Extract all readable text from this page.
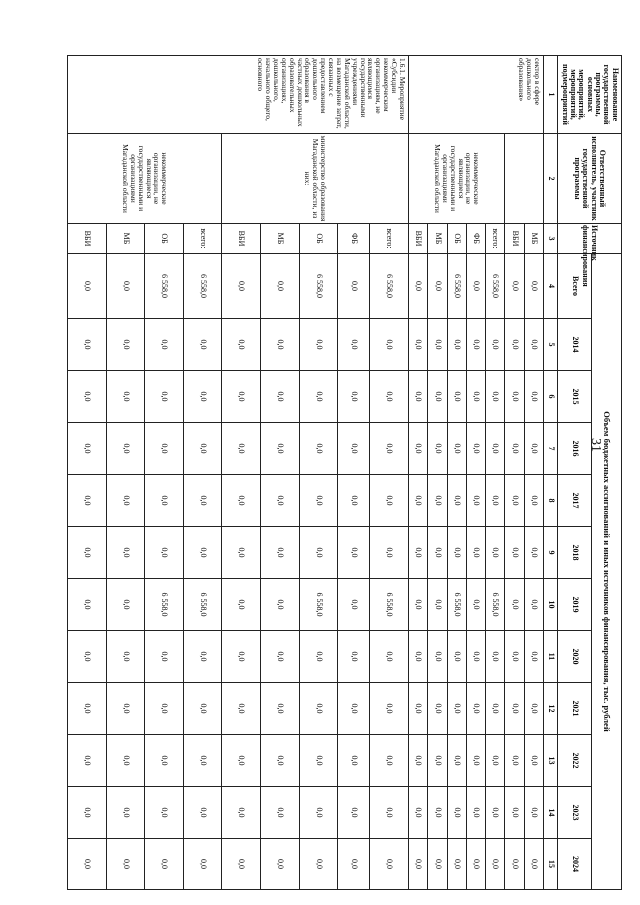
31
Наименование государственной программы, основных мероприятий, мероприятий, подмероприятий	Ответственный исполнитель, участник государственной программы	Источник финансирования	Объем бюджетных ассигнований и иных источников финансирования, тыс. рублей											
			Всего	2014	2015	2016	2017	2018	2019	2020	2021	2022	2023	2024
1	2	3	4	5	6	7	8	9	10	11	12	13	14	15
сектор в сфере дошкольного образования»		МБ	0,0	0,0	0,0	0,0	0,0	0,0	0,0	0,0	0,0	0,0	0,0	0,0
		ВБИ	0,0	0,0	0,0	0,0	0,0	0,0	0,0	0,0	0,0	0,0	0,0	0,0
	некоммерческие организации, не являющиеся государственными и организациями Магаданской области	всего:	6 558,0	0,0	0,0	0,0	0,0	0,0	6 558,0	0,0	0,0	0,0	0,0	0,0
		ФБ	0,0	0,0	0,0	0,0	0,0	0,0	0,0	0,0	0,0	0,0	0,0	0,0
		ОБ	6 558,0	0,0	0,0	0,0	0,0	0,0	6 558,0	0,0	0,0	0,0	0,0	0,0
		МБ	0,0	0,0	0,0	0,0	0,0	0,0	0,0	0,0	0,0	0,0	0,0	0,0
		ВБИ	0,0	0,0	0,0	0,0	0,0	0,0	0,0	0,0	0,0	0,0	0,0	0,0
1.6.1. Мероприятие «Субсидии некоммерческим организациям, не являющимся государственными учреждениями Магаданской области, на возмещение затрат, связанных с предоставлением дошкольного образования в частных дошкольных образовательных организациях, дошкольного, начального общего, основного	министерство образования Магаданской области, из них:	всего:	6 558,0	0,0	0,0	0,0	0,0	0,0	6 558,0	0,0	0,0	0,0	0,0	0,0
		ФБ	0,0	0,0	0,0	0,0	0,0	0,0	0,0	0,0	0,0	0,0	0,0	0,0
		ОБ	6 558,0	0,0	0,0	0,0	0,0	0,0	6 558,0	0,0	0,0	0,0	0,0	0,0
		МБ	0,0	0,0	0,0	0,0	0,0	0,0	0,0	0,0	0,0	0,0	0,0	0,0
		ВБИ	0,0	0,0	0,0	0,0	0,0	0,0	0,0	0,0	0,0	0,0	0,0	0,0
	некоммерческие организации, не являющиеся государственными и организациями Магаданской области	всего:	6 558,0	0,0	0,0	0,0	0,0	0,0	6 558,0	0,0	0,0	0,0	0,0	0,0
		ОБ	6 558,0	0,0	0,0	0,0	0,0	0,0	6 558,0	0,0	0,0	0,0	0,0	0,0
		МБ	0,0	0,0	0,0	0,0	0,0	0,0	0,0	0,0	0,0	0,0	0,0	0,0
		ВБИ	0,0	0,0	0,0	0,0	0,0	0,0	0,0	0,0	0,0	0,0	0,0	0,0
